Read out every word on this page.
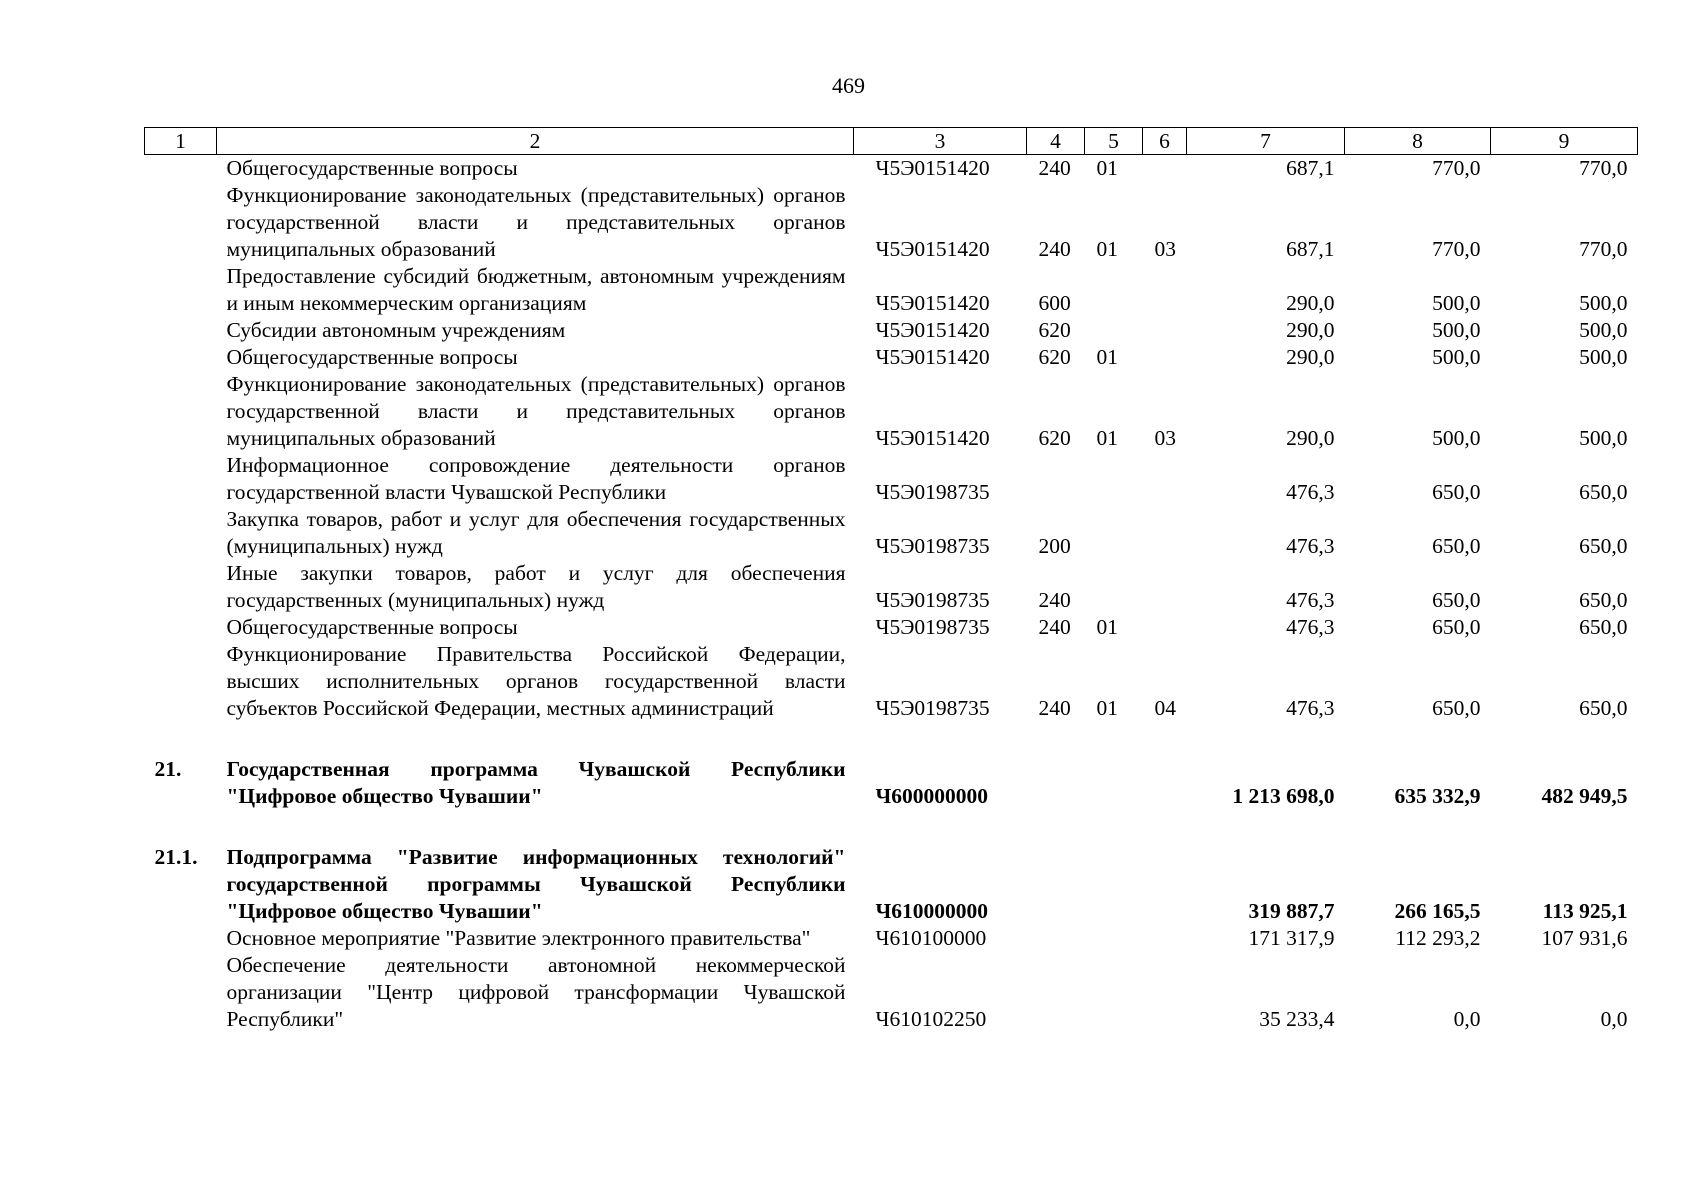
469
1	2	3	4	5	6	7	8	9
	Общегосударственные вопросы	Ч5Э0151420	240	01		687,1	770,0	770,0
	Функционирование законодательных (представительных) органов государственной власти и представительных органов муниципальных образований	Ч5Э0151420	240	01	03	687,1	770,0	770,0
	Предоставление субсидий бюджетным, автономным учреждениям и иным некоммерческим организациям	Ч5Э0151420	600			290,0	500,0	500,0
	Субсидии автономным учреждениям	Ч5Э0151420	620			290,0	500,0	500,0
	Общегосударственные вопросы	Ч5Э0151420	620	01		290,0	500,0	500,0
	Функционирование законодательных (представительных) органов государственной власти и представительных органов муниципальных образований	Ч5Э0151420	620	01	03	290,0	500,0	500,0
	Информационное сопровождение деятельности органов государственной власти Чувашской Республики	Ч5Э0198735				476,3	650,0	650,0
	Закупка товаров, работ и услуг для обеспечения государственных (муниципальных) нужд	Ч5Э0198735	200			476,3	650,0	650,0
	Иные закупки товаров, работ и услуг для обеспечения государственных (муниципальных) нужд	Ч5Э0198735	240			476,3	650,0	650,0
	Общегосударственные вопросы	Ч5Э0198735	240	01		476,3	650,0	650,0
	Функционирование Правительства Российской Федерации, высших исполнительных органов государственной власти субъектов Российской Федерации, местных администраций	Ч5Э0198735	240	01	04	476,3	650,0	650,0
21.	Государственная программа Чувашской Республики "Цифровое общество Чувашии"	Ч600000000				1 213 698,0	635 332,9	482 949,5
21.1.	Подпрограмма "Развитие информационных технологий" государственной программы Чувашской Республики "Цифровое общество Чувашии"	Ч610000000				319 887,7	266 165,5	113 925,1
	Основное мероприятие "Развитие электронного правительства"	Ч610100000				171 317,9	112 293,2	107 931,6
	Обеспечение деятельности автономной некоммерческой организации "Центр цифровой трансформации Чувашской Республики"	Ч610102250				35 233,4	0,0	0,0
